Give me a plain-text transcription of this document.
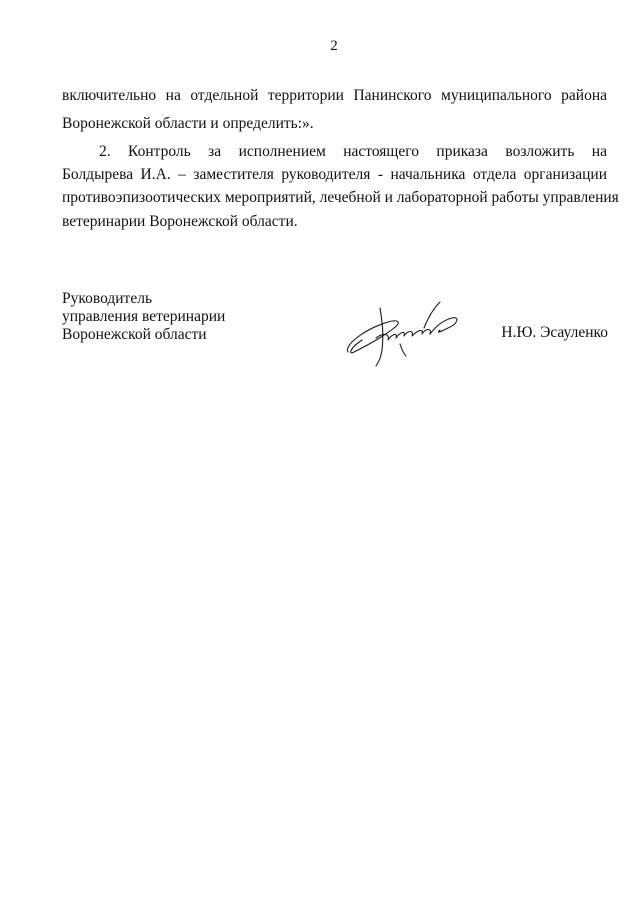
2
включительно на отдельной территории Панинского муниципального района
Воронежской области и определить:».
2. Контроль за исполнением настоящего приказа возложить на
Болдырева И.А. – заместителя руководителя - начальника отдела организации
противоэпизоотических мероприятий, лечебной и лабораторной работы управления
ветеринарии Воронежской области.
Руководитель
управления ветеринарии
Воронежской области	Н.Ю. Эсауленко
